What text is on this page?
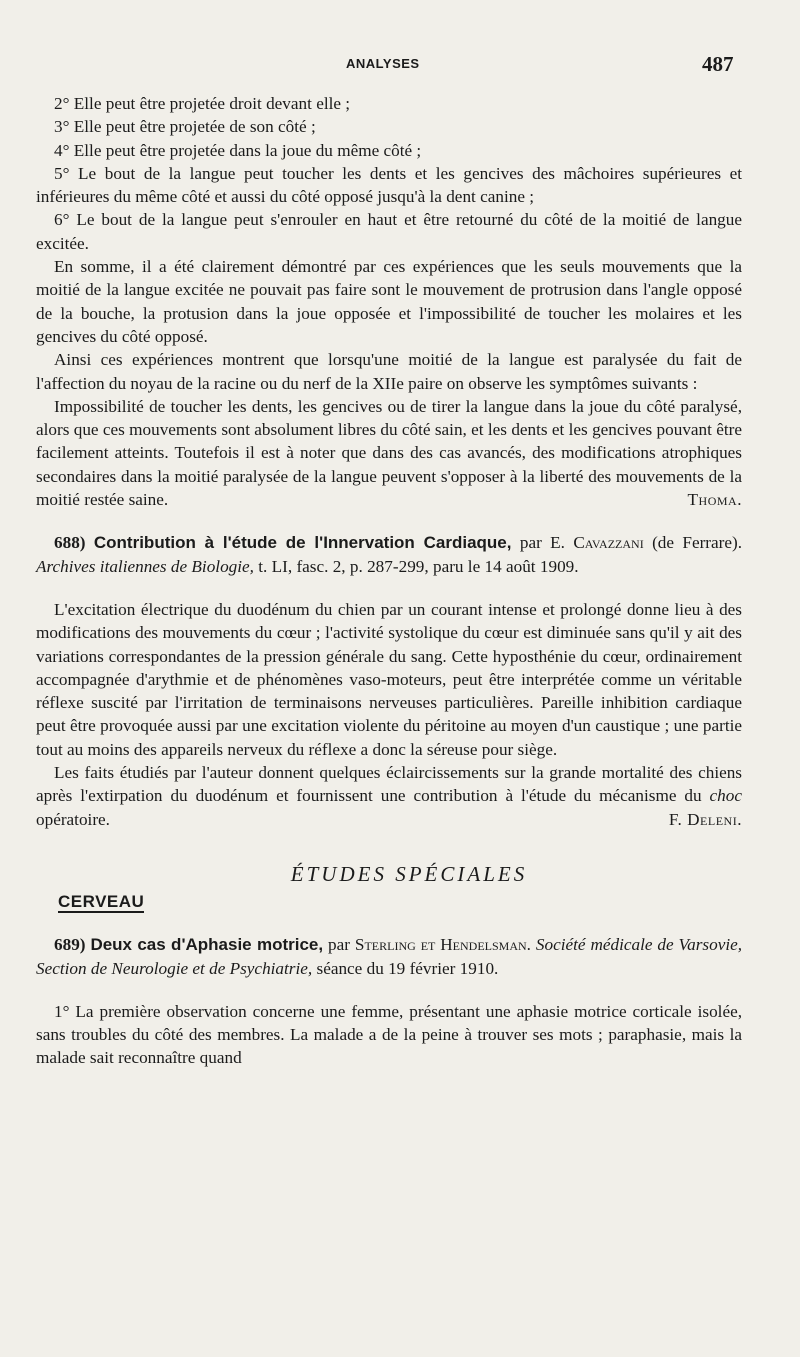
ANALYSES	487

2° Elle peut être projetée droit devant elle ;

3° Elle peut être projetée de son côté ;

4° Elle peut être projetée dans la joue du même côté ;

5° Le bout de la langue peut toucher les dents et les gencives des mâchoires supérieures et inférieures du même côté et aussi du côté opposé jusqu'à la dent canine ;

6° Le bout de la langue peut s'enrouler en haut et être retourné du côté de la moitié de langue excitée.

En somme, il a été clairement démontré par ces expériences que les seuls mouvements que la moitié de la langue excitée ne pouvait pas faire sont le mouvement de protrusion dans l'angle opposé de la bouche, la protusion dans la joue opposée et l'impossibilité de toucher les molaires et les gencives du côté opposé.

Ainsi ces expériences montrent que lorsqu'une moitié de la langue est paralysée du fait de l'affection du noyau de la racine ou du nerf de la XIIe paire on observe les symptômes suivants :

Impossibilité de toucher les dents, les gencives ou de tirer la langue dans la joue du côté paralysé, alors que ces mouvements sont absolument libres du côté sain, et les dents et les gencives pouvant être facilement atteints. Toutefois il est à noter que dans des cas avancés, des modifications atrophiques secondaires dans la moitié paralysée de la langue peuvent s'opposer à la liberté des mouvements de la moitié restée saine.	Thoma.

688) Contribution à l'étude de l'Innervation Cardiaque, par E. Cavazzani (de Ferrare). Archives italiennes de Biologie, t. LI, fasc. 2, p. 287-299, paru le 14 août 1909.

L'excitation électrique du duodénum du chien par un courant intense et prolongé donne lieu à des modifications des mouvements du cœur ; l'activité systolique du cœur est diminuée sans qu'il y ait des variations correspondantes de la pression générale du sang. Cette hyposthénie du cœur, ordinairement accompagnée d'arythmie et de phénomènes vaso-moteurs, peut être interprétée comme un véritable réflexe suscité par l'irritation de terminaisons nerveuses particulières. Pareille inhibition cardiaque peut être provoquée aussi par une excitation violente du péritoine au moyen d'un caustique ; une partie tout au moins des appareils nerveux du réflexe a donc la séreuse pour siège.

Les faits étudiés par l'auteur donnent quelques éclaircissements sur la grande mortalité des chiens après l'extirpation du duodénum et fournissent une contribution à l'étude du mécanisme du choc opératoire.	F. Deleni.

ÉTUDES SPÉCIALES
CERVEAU

689) Deux cas d'Aphasie motrice, par Sterling et Hendelsman. Société médicale de Varsovie, Section de Neurologie et de Psychiatrie, séance du 19 février 1910.

1° La première observation concerne une femme, présentant une aphasie motrice corticale isolée, sans troubles du côté des membres. La malade a de la peine à trouver ses mots ; paraphasie, mais la malade sait reconnaître quand
